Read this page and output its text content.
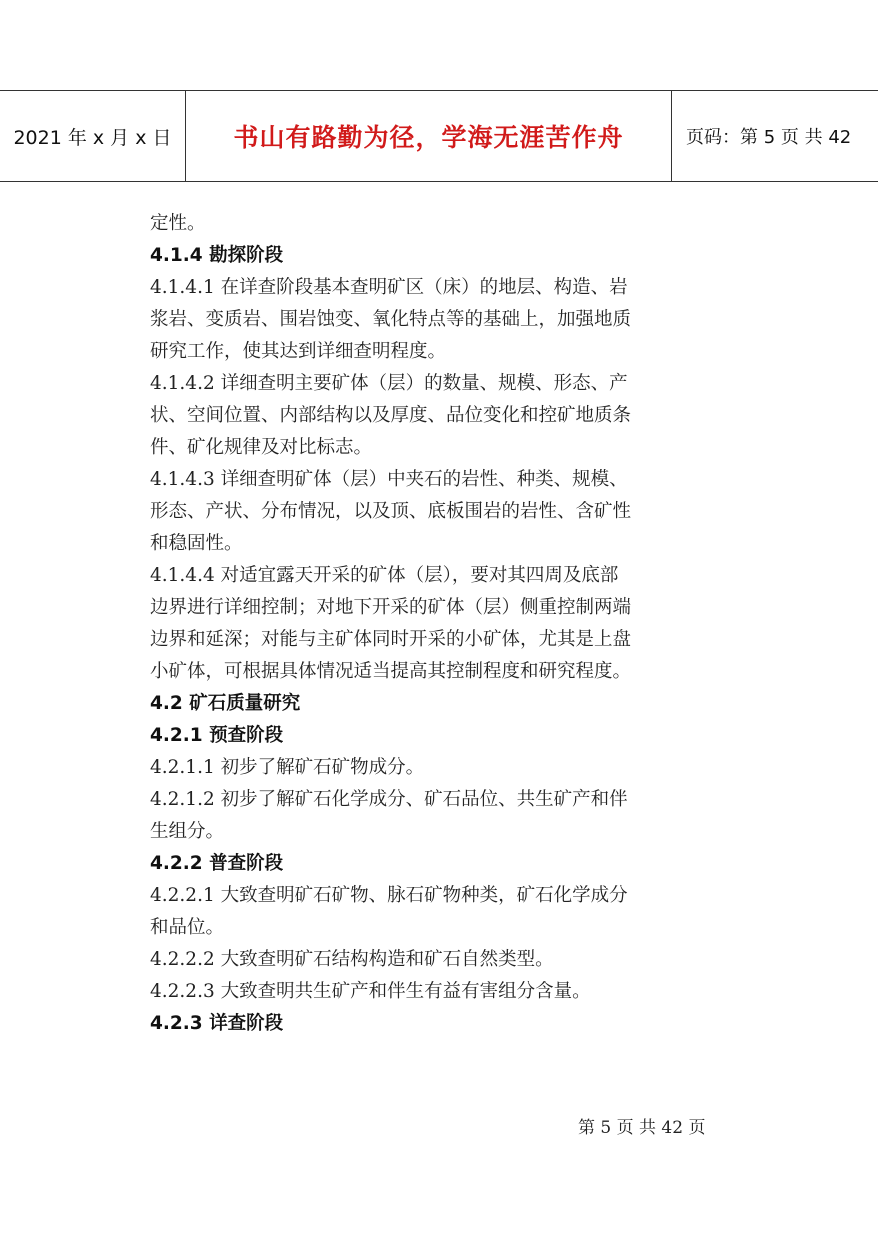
2021 年 x 月 x 日	书山有路勤为径，学海无涯苦作舟	页码：第 5 页 共 42
定性。
4.1.4 勘探阶段
4.1.4.1 在详查阶段基本查明矿区（床）的地层、构造、岩
浆岩、变质岩、围岩蚀变、氧化特点等的基础上，加强地质
研究工作，使其达到详细查明程度。
4.1.4.2 详细查明主要矿体（层）的数量、规模、形态、产
状、空间位置、内部结构以及厚度、品位变化和控矿地质条
件、矿化规律及对比标志。
4.1.4.3 详细查明矿体（层）中夹石的岩性、种类、规模、
形态、产状、分布情况，以及顶、底板围岩的岩性、含矿性
和稳固性。
4.1.4.4 对适宜露天开采的矿体（层），要对其四周及底部
边界进行详细控制；对地下开采的矿体（层）侧重控制两端
边界和延深；对能与主矿体同时开采的小矿体，尤其是上盘
小矿体，可根据具体情况适当提高其控制程度和研究程度。
4.2 矿石质量研究
4.2.1 预查阶段
4.2.1.1 初步了解矿石矿物成分。
4.2.1.2 初步了解矿石化学成分、矿石品位、共生矿产和伴
生组分。
4.2.2 普查阶段
4.2.2.1 大致查明矿石矿物、脉石矿物种类，矿石化学成分
和品位。
4.2.2.2 大致查明矿石结构构造和矿石自然类型。
4.2.2.3 大致查明共生矿产和伴生有益有害组分含量。
4.2.3 详查阶段
第 5 页 共 42 页
